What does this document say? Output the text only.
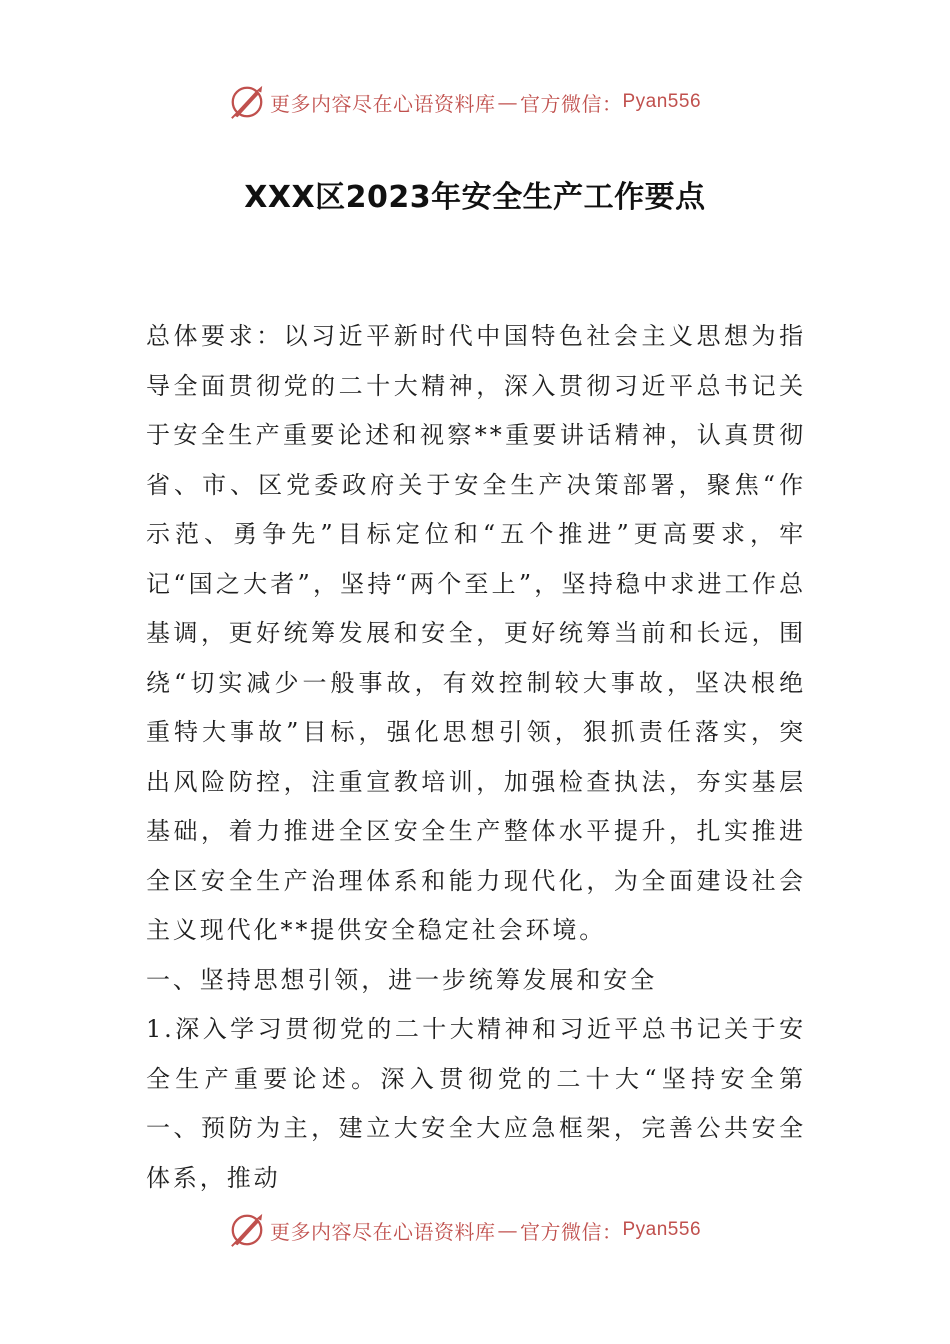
更多内容尽在心语资料库 — 官方微信： Pyan556
XXX区2023年安全生产工作要点

总体要求：以习近平新时代中国特色社会主义思想为指导全面贯彻党的二十大精神，深入贯彻习近平总书记关于安全生产重要论述和视察**重要讲话精神，认真贯彻省、市、区党委政府关于安全生产决策部署，聚焦“作示范、勇争先”目标定位和“五个推进”更高要求，牢记“国之大者”，坚持“两个至上”，坚持稳中求进工作总基调，更好统筹发展和安全，更好统筹当前和长远，围绕“切实减少一般事故，有效控制较大事故，坚决根绝重特大事故”目标，强化思想引领，狠抓责任落实，突出风险防控，注重宣教培训，加强检查执法，夯实基层基础，着力推进全区安全生产整体水平提升，扎实推进全区安全生产治理体系和能力现代化，为全面建设社会主义现代化**提供安全稳定社会环境。

一、坚持思想引领，进一步统筹发展和安全

1.深入学习贯彻党的二十大精神和习近平总书记关于安全生产重要论述。深入贯彻党的二十大“坚持安全第一、预防为主，建立大安全大应急框架，完善公共安全体系，推动

更多内容尽在心语资料库 — 官方微信： Pyan556
